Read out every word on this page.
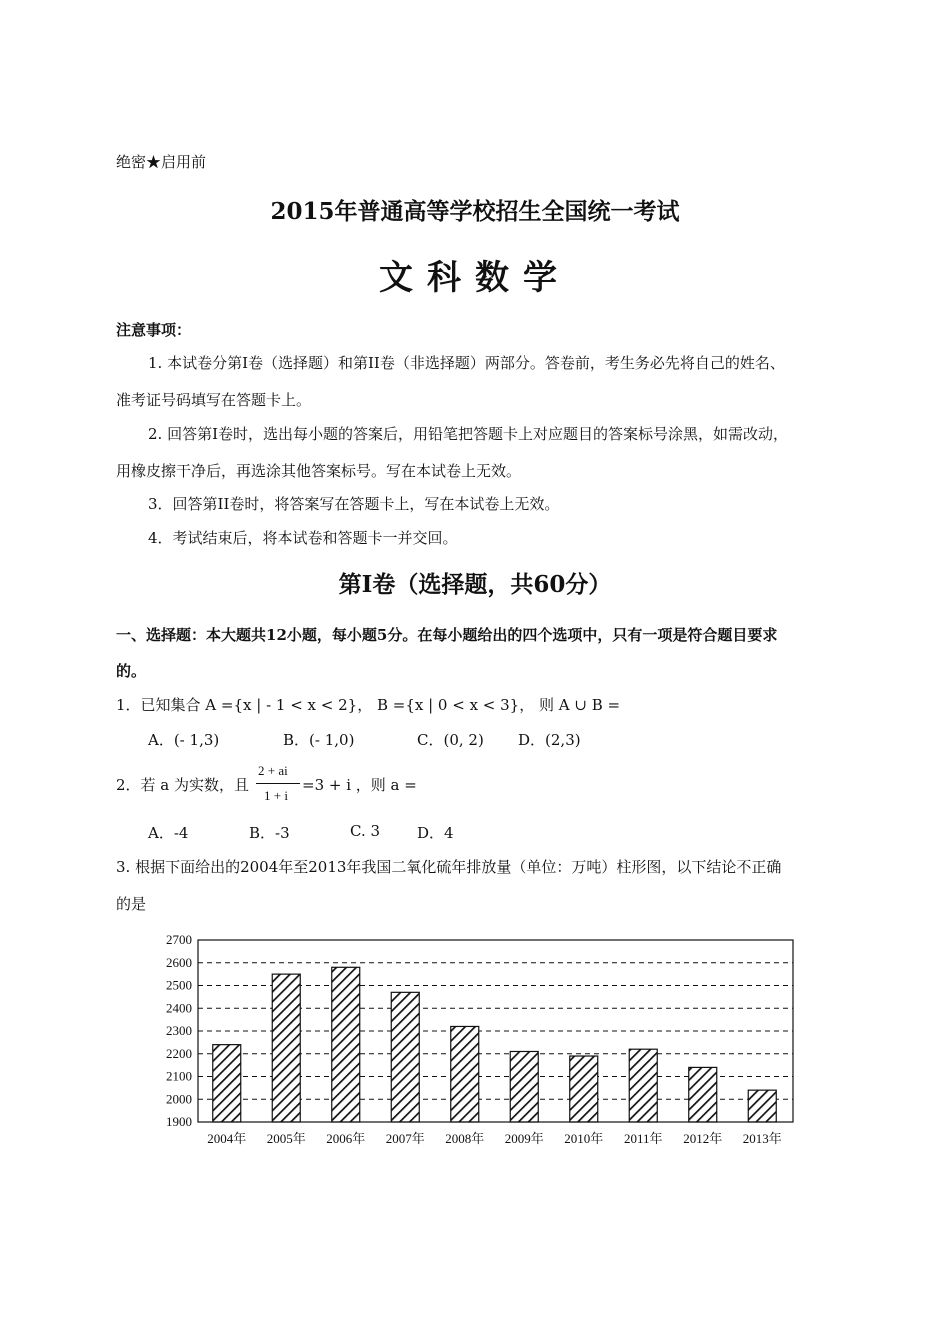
绝密★启用前
2015年普通高等学校招生全国统一考试
文科数学
注意事项：
1. 本试卷分第I卷（选择题）和第II卷（非选择题）两部分。答卷前，考生务必先将自己的姓名、
准考证号码填写在答题卡上。
2. 回答第I卷时，选出每小题的答案后，用铅笔把答题卡上对应题目的答案标号涂黑，如需改动，
用橡皮擦干净后，再选涂其他答案标号。写在本试卷上无效。
3．回答第II卷时，将答案写在答题卡上，写在本试卷上无效。
4．考试结束后，将本试卷和答题卡一并交回。
第I卷（选择题，共60分）
一、选择题：本大题共12小题，每小题5分。在每小题给出的四个选项中，只有一项是符合题目要求
的。
1．已知集合 A ={x | - 1 < x < 2}， B ={x | 0 < x < 3}， 则 A ∪ B =
A．(- 1,3)	B．(- 1,0)	C．(0, 2) D．(2,3)
2．若 a 为实数，且
2 + ai
1 + i
=3 + i ，则 a =
A．-4	B．-3	C. 3 D．4
3. 根据下面给出的2004年至2013年我国二氧化硫年排放量（单位：万吨）柱形图，以下结论不正确
的是
1900
2000
2100
2200
2300
2400
2500
2600
2700
2004年 2005年 2006年 2007年 2008年 2009年 2010年 2011年 2012年 2013年
